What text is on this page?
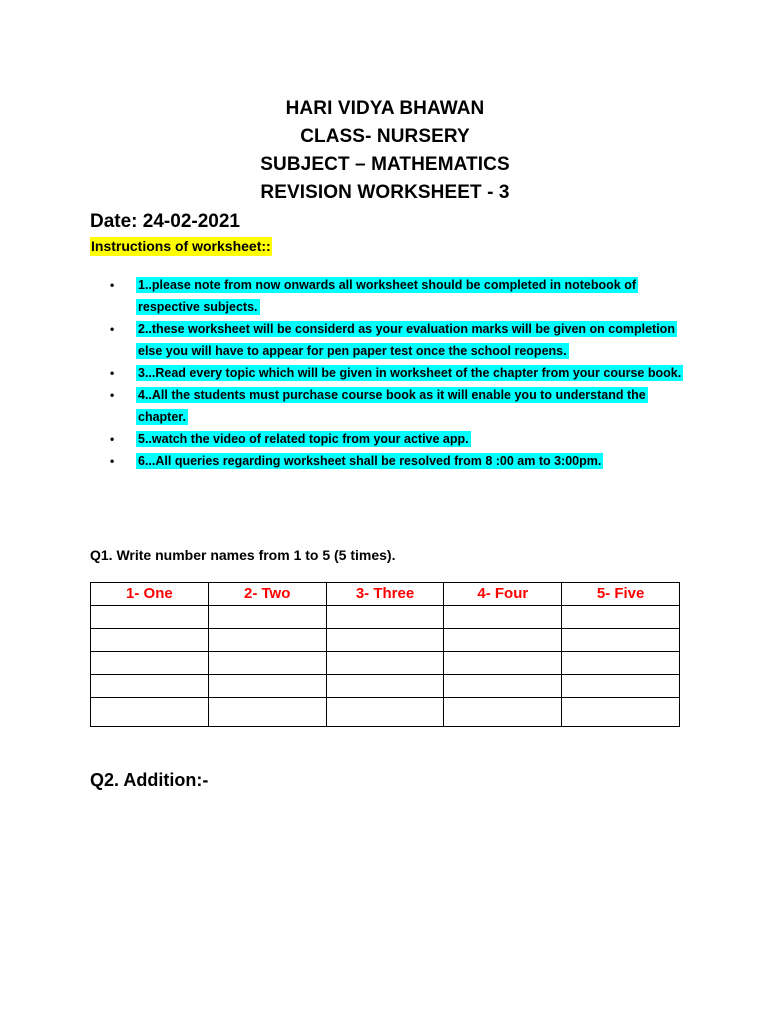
HARI VIDYA BHAWAN
CLASS- NURSERY
SUBJECT – MATHEMATICS
REVISION WORKSHEET - 3
Date: 24-02-2021
Instructions of worksheet::
•	1..please note from now onwards all worksheet should be completed in notebook of respective subjects.
•	2..these worksheet will be considerd as your evaluation marks will be given on completion else you will have to appear for pen paper test once the school reopens.
•	3...Read every topic which will be given in worksheet of the chapter from your course book.
•	4..All the students must purchase course book as it will enable you to understand the chapter.
•	5..watch the video of related topic from your active app.
•	6...All queries regarding worksheet shall be resolved from 8 :00 am to 3:00pm.
Q1. Write number names from 1 to 5 (5 times).
1- One	2- Two	3- Three	4- Four	5- Five

Q2. Addition:-
